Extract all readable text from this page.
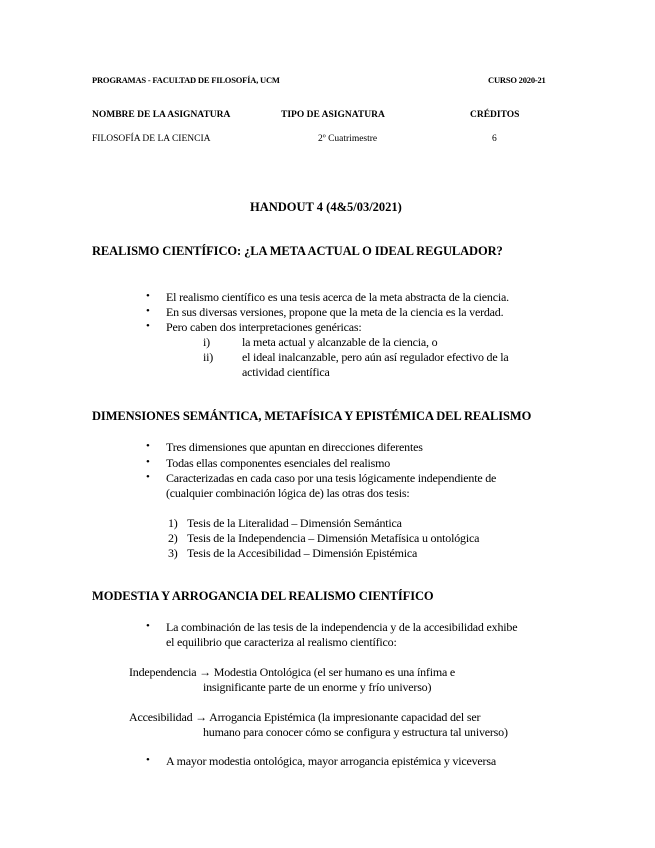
PROGRAMAS - FACULTAD DE FILOSOFÍA, UCM	CURSO 2020-21
NOMBRE DE LA ASIGNATURA	TIPO DE ASIGNATURA	CRÉDITOS
FILOSOFÍA DE LA CIENCIA	2º Cuatrimestre	6
HANDOUT 4 (4&5/03/2021)
REALISMO CIENTÍFICO: ¿LA META ACTUAL O IDEAL REGULADOR?
• El realismo científico es una tesis acerca de la meta abstracta de la ciencia.
• En sus diversas versiones, propone que la meta de la ciencia es la verdad.
• Pero caben dos interpretaciones genéricas:
i)	la meta actual y alcanzable de la ciencia, o
ii) el ideal inalcanzable, pero aún así regulador efectivo de la
actividad científica
DIMENSIONES SEMÁNTICA, METAFÍSICA Y EPISTÉMICA DEL REALISMO
• Tres dimensiones que apuntan en direcciones diferentes
• Todas ellas componentes esenciales del realismo
• Caracterizadas en cada caso por una tesis lógicamente independiente de
(cualquier combinación lógica de) las otras dos tesis:
1) Tesis de la Literalidad – Dimensión Semántica
2) Tesis de la Independencia – Dimensión Metafísica u ontológica
3) Tesis de la Accesibilidad – Dimensión Epistémica
MODESTIA Y ARROGANCIA DEL REALISMO CIENTÍFICO
• La combinación de las tesis de la independencia y de la accesibilidad exhibe
el equilibrio que caracteriza al realismo científico:
Independencia → Modestia Ontológica (el ser humano es una ínfima e
insignificante parte de un enorme y frío universo)
Accesibilidad → Arrogancia Epistémica (la impresionante capacidad del ser
humano para conocer cómo se configura y estructura tal universo)
• A mayor modestia ontológica, mayor arrogancia epistémica y viceversa
